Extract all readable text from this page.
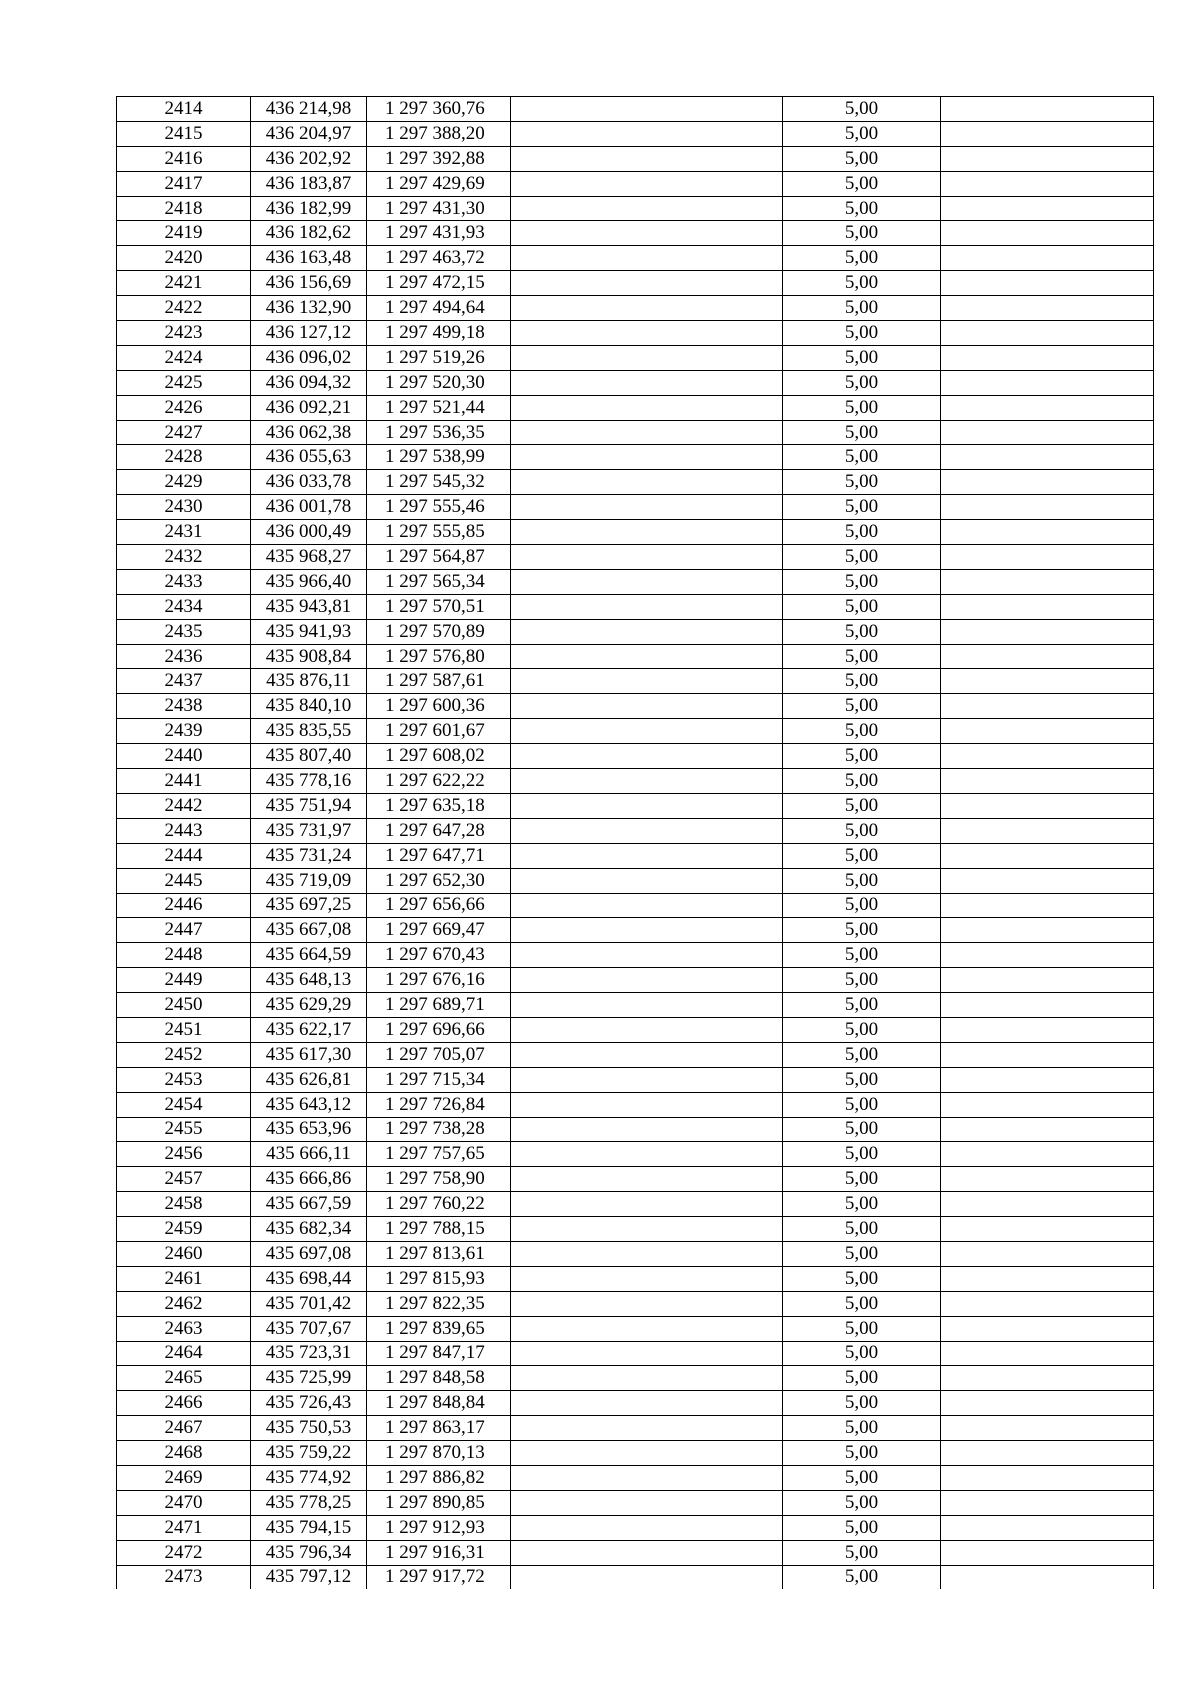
2414	436 214,98	1 297 360,76		5,00	
2415	436 204,97	1 297 388,20		5,00	
2416	436 202,92	1 297 392,88		5,00	
2417	436 183,87	1 297 429,69		5,00	
2418	436 182,99	1 297 431,30		5,00	
2419	436 182,62	1 297 431,93		5,00	
2420	436 163,48	1 297 463,72		5,00	
2421	436 156,69	1 297 472,15		5,00	
2422	436 132,90	1 297 494,64		5,00	
2423	436 127,12	1 297 499,18		5,00	
2424	436 096,02	1 297 519,26		5,00	
2425	436 094,32	1 297 520,30		5,00	
2426	436 092,21	1 297 521,44		5,00	
2427	436 062,38	1 297 536,35		5,00	
2428	436 055,63	1 297 538,99		5,00	
2429	436 033,78	1 297 545,32		5,00	
2430	436 001,78	1 297 555,46		5,00	
2431	436 000,49	1 297 555,85		5,00	
2432	435 968,27	1 297 564,87		5,00	
2433	435 966,40	1 297 565,34		5,00	
2434	435 943,81	1 297 570,51		5,00	
2435	435 941,93	1 297 570,89		5,00	
2436	435 908,84	1 297 576,80		5,00	
2437	435 876,11	1 297 587,61		5,00	
2438	435 840,10	1 297 600,36		5,00	
2439	435 835,55	1 297 601,67		5,00	
2440	435 807,40	1 297 608,02		5,00	
2441	435 778,16	1 297 622,22		5,00	
2442	435 751,94	1 297 635,18		5,00	
2443	435 731,97	1 297 647,28		5,00	
2444	435 731,24	1 297 647,71		5,00	
2445	435 719,09	1 297 652,30		5,00	
2446	435 697,25	1 297 656,66		5,00	
2447	435 667,08	1 297 669,47		5,00	
2448	435 664,59	1 297 670,43		5,00	
2449	435 648,13	1 297 676,16		5,00	
2450	435 629,29	1 297 689,71		5,00	
2451	435 622,17	1 297 696,66		5,00	
2452	435 617,30	1 297 705,07		5,00	
2453	435 626,81	1 297 715,34		5,00	
2454	435 643,12	1 297 726,84		5,00	
2455	435 653,96	1 297 738,28		5,00	
2456	435 666,11	1 297 757,65		5,00	
2457	435 666,86	1 297 758,90		5,00	
2458	435 667,59	1 297 760,22		5,00	
2459	435 682,34	1 297 788,15		5,00	
2460	435 697,08	1 297 813,61		5,00	
2461	435 698,44	1 297 815,93		5,00	
2462	435 701,42	1 297 822,35		5,00	
2463	435 707,67	1 297 839,65		5,00	
2464	435 723,31	1 297 847,17		5,00	
2465	435 725,99	1 297 848,58		5,00	
2466	435 726,43	1 297 848,84		5,00	
2467	435 750,53	1 297 863,17		5,00	
2468	435 759,22	1 297 870,13		5,00	
2469	435 774,92	1 297 886,82		5,00	
2470	435 778,25	1 297 890,85		5,00	
2471	435 794,15	1 297 912,93		5,00	
2472	435 796,34	1 297 916,31		5,00	
2473	435 797,12	1 297 917,72		5,00	
